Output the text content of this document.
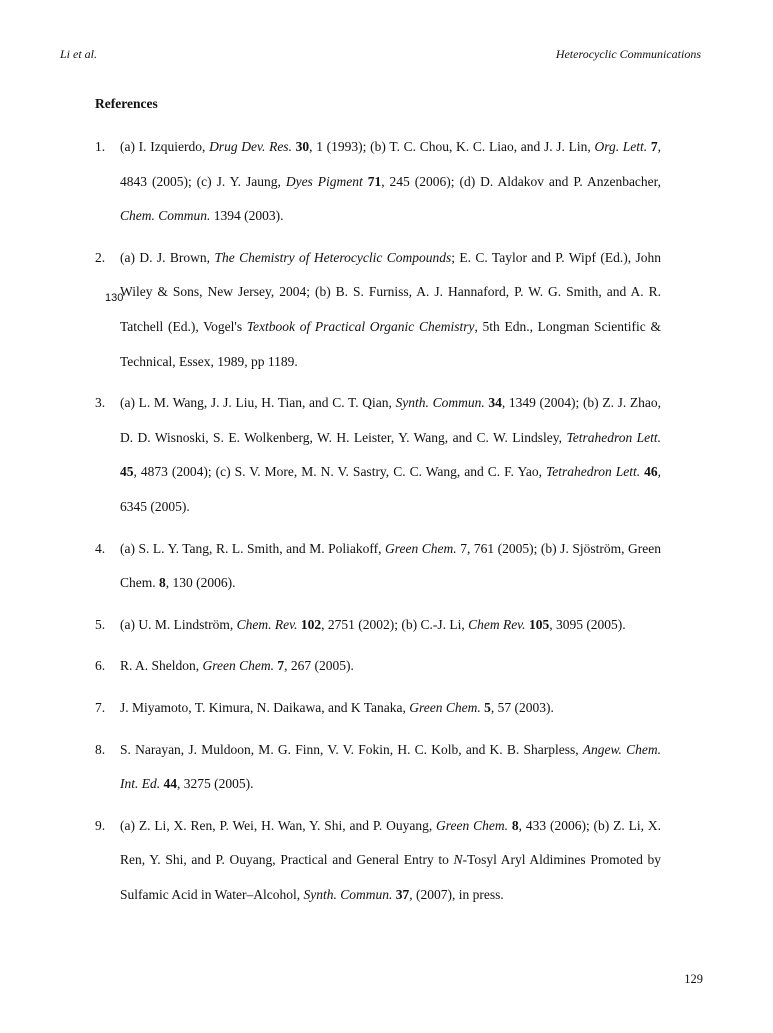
Li et al.	Heterocyclic Communications
References
1. (a) I. Izquierdo, Drug Dev. Res. 30, 1 (1993); (b) T. C. Chou, K. C. Liao, and J. J. Lin, Org. Lett. 7, 4843 (2005); (c) J. Y. Jaung, Dyes Pigment 71, 245 (2006); (d) D. Aldakov and P. Anzenbacher, Chem. Commun. 1394 (2003).
2. (a) D. J. Brown, The Chemistry of Heterocyclic Compounds; E. C. Taylor and P. Wipf (Ed.), John Wiley & Sons, New Jersey, 2004; (b) B. S. Furniss, A. J. Hannaford, P. W. G. Smith, and A. R. Tatchell (Ed.), Vogel's Textbook of Practical Organic Chemistry, 5th Edn., Longman Scientific & Technical, Essex, 1989, pp 1189.
3. (a) L. M. Wang, J. J. Liu, H. Tian, and C. T. Qian, Synth. Commun. 34, 1349 (2004); (b) Z. J. Zhao, D. D. Wisnoski, S. E. Wolkenberg, W. H. Leister, Y. Wang, and C. W. Lindsley, Tetrahedron Lett. 45, 4873 (2004); (c) S. V. More, M. N. V. Sastry, C. C. Wang, and C. F. Yao, Tetrahedron Lett. 46, 6345 (2005).
4. (a) S. L. Y. Tang, R. L. Smith, and M. Poliakoff, Green Chem. 7, 761 (2005); (b) J. Sjöström, Green Chem. 8, 130 (2006).
5. (a) U. M. Lindström, Chem. Rev. 102, 2751 (2002); (b) C.-J. Li, Chem Rev. 105, 3095 (2005).
6. R. A. Sheldon, Green Chem. 7, 267 (2005).
7. J. Miyamoto, T. Kimura, N. Daikawa, and K Tanaka, Green Chem. 5, 57 (2003).
8. S. Narayan, J. Muldoon, M. G. Finn, V. V. Fokin, H. C. Kolb, and K. B. Sharpless, Angew. Chem. Int. Ed. 44, 3275 (2005).
9. (a) Z. Li, X. Ren, P. Wei, H. Wan, Y. Shi, and P. Ouyang, Green Chem. 8, 433 (2006); (b) Z. Li, X. Ren, Y. Shi, and P. Ouyang, Practical and General Entry to N-Tosyl Aryl Aldimines Promoted by Sulfamic Acid in Water–Alcohol, Synth. Commun. 37, (2007), in press.
130
129
